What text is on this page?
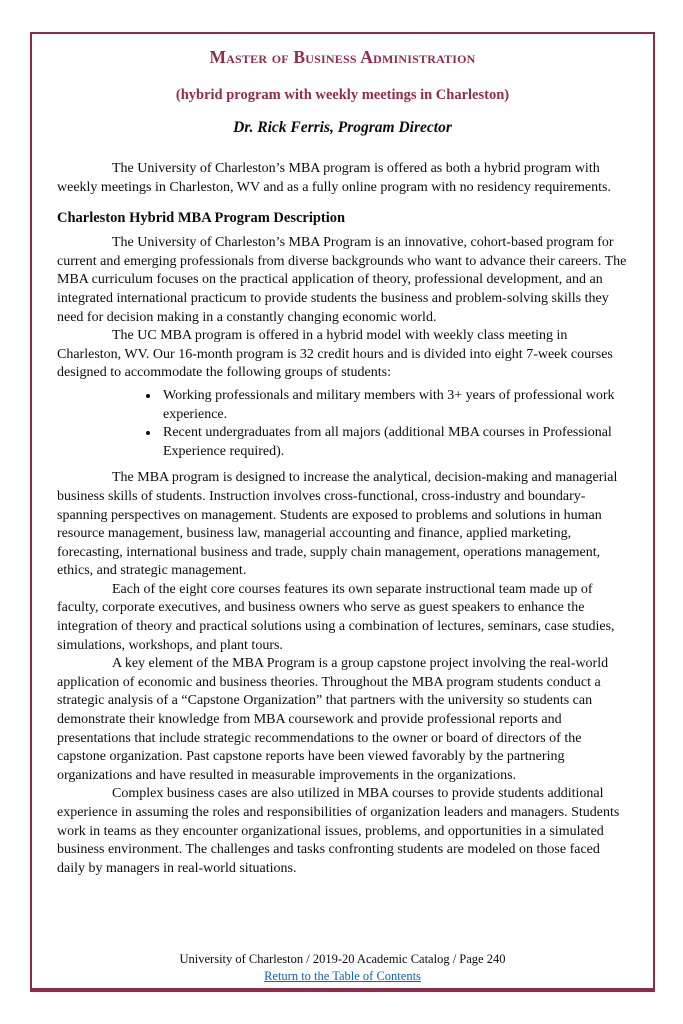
Master of Business Administration
(hybrid program with weekly meetings in Charleston)
Dr. Rick Ferris, Program Director

The University of Charleston’s MBA program is offered as both a hybrid program with weekly meetings in Charleston, WV and as a fully online program with no residency requirements.

Charleston Hybrid MBA Program Description

The University of Charleston’s MBA Program is an innovative, cohort-based program for current and emerging professionals from diverse backgrounds who want to advance their careers. The MBA curriculum focuses on the practical application of theory, professional development, and an integrated international practicum to provide students the business and problem-solving skills they need for decision making in a constantly changing economic world.

The UC MBA program is offered in a hybrid model with weekly class meeting in Charleston, WV. Our 16-month program is 32 credit hours and is divided into eight 7-week courses designed to accommodate the following groups of students:

• Working professionals and military members with 3+ years of professional work experience.
• Recent undergraduates from all majors (additional MBA courses in Professional Experience required).

The MBA program is designed to increase the analytical, decision-making and managerial business skills of students. Instruction involves cross-functional, cross-industry and boundary-spanning perspectives on management. Students are exposed to problems and solutions in human resource management, business law, managerial accounting and finance, applied marketing, forecasting, international business and trade, supply chain management, operations management, ethics, and strategic management.

Each of the eight core courses features its own separate instructional team made up of faculty, corporate executives, and business owners who serve as guest speakers to enhance the integration of theory and practical solutions using a combination of lectures, seminars, case studies, simulations, workshops, and plant tours.

A key element of the MBA Program is a group capstone project involving the real-world application of economic and business theories. Throughout the MBA program students conduct a strategic analysis of a “Capstone Organization” that partners with the university so students can demonstrate their knowledge from MBA coursework and provide professional reports and presentations that include strategic recommendations to the owner or board of directors of the capstone organization. Past capstone reports have been viewed favorably by the partnering organizations and have resulted in measurable improvements in the organizations.

Complex business cases are also utilized in MBA courses to provide students additional experience in assuming the roles and responsibilities of organization leaders and managers. Students work in teams as they encounter organizational issues, problems, and opportunities in a simulated business environment. The challenges and tasks confronting students are modeled on those faced daily by managers in real-world situations.

University of Charleston / 2019-20 Academic Catalog / Page 240
Return to the Table of Contents
